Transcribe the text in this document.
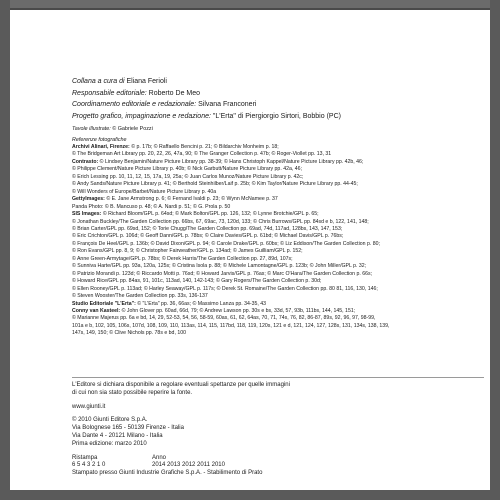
Collana a cura di Eliana Ferioli

Responsabile editoriale: Roberto De Meo

Coordinamento editoriale e redazionale: Silvana Franconeri

Progetto grafico, impaginazione e redazione: "L'Erta" di Piergiorgio Sirtori, Bobbio (PC)

Tavole illustrate: © Gabriele Pozzi

Referenze fotografiche

Archivi Alinari, Firenze: © p. 17b; © Raffaello Bencini p. 21; © Bildarchiv Monheim p. 18;

© The Bridgeman Art Library pp. 20, 22, 26, 47a, 90; © The Granger Collection p. 47b; © Roger-Viollet pp. 13, 31

Contrasto: © Lindsey Benjamin/Nature Picture Library pp. 38-39; © Hans Christoph Kappel/Nature Picture Library pp. 42b, 46;

© Philippe Clement/Nature Picture Library p. 40b; © Nick Garbutt/Nature Picture Library pp. 42a, 46;

© Erich Lessing pp. 10, 11, 12, 15, 17a, 19, 25a; © Juan Carlos Munoz/Nature Picture Library p. 42c;

© Andy Sands/Nature Picture Library p. 41; © Berthold Steinhilber/Laif p. 25b; © Kim Taylor/Nature Picture Library pp. 44-45;

© Will Wonders of Europe/Barbet/Nature Picture Library p. 40a

GettyImages: © E. Jane Armstrong p. 6; © Fernand Ivaldi p. 23; © Wynn McNamee p. 37

Panda Photo: © B. Mancuso p. 48; © A. Nardi p. 51; © G. Prola p. 50

SIS Images: © Richard Bloom/GPL p. 64sd; © Mark Bolton/GPL pp. 126, 132; © Lynne Brotchie/GPL p. 65;

© Jonathan Buckley/The Garden Collection pp. 66bs, 67, 69ac, 73, 120d, 133; © Chris Burrows/GPL pp. 84sd e b, 122, 141, 148;

© Brian Carter/GPL pp. 69sd, 152; © Torie Chugg/The Garden Collection pp. 69ad, 74d, 117ad, 128bs, 143, 147, 153;

© Eric Crichton/GPL p. 106d; © Geoff Dann/GPL p. 78bs; © Claire Davies/GPL p. 61bd; © Michael Davis/GPL p. 76bs;

© François De Heel/GPL p. 136b; © David Dixon/GPL p. 94; © Carole Drake/GPL p. 60bs; © Liz Eddison/The Garden Collection p. 80;

© Ron Evans/GPL pp. 8, 9; © Christopher Fairweather/GPL p. 134ad; © James Guilliam/GPL p. 152;

© Anne Green-Armytage/GPL p. 78bs; © Derek Harris/The Garden Collection pp. 27, 89d, 107s;

© Sunniva Harte/GPL pp. 93a, 120a, 125s; © Cristina Isola p. 88; © Michele Lamontagne/GPL p. 123b; © John Miller/GPL p. 32;

© Patrizio Morandi p. 123d; © Riccardo Motti p. 76sd; © Howard Jarvis/GPL p. 76as; © Marc O'Hara/The Garden Collection p. 66s;

© Howard Rice/GPL pp. 84as, 91, 101c, 113ad, 140, 142-143; © Gary Rogers/The Garden Collection p. 30d;

© Ellen Rooney/GPL p. 113ad; © Harley Seaway/GPL p. 117s; © Derek St. Romaine/The Garden Collection pp. 80 81, 116, 130, 146;

© Steven Wooster/The Garden Collection pp. 33s, 136-137

Studio Editoriale "L'Erta": © "L'Erta" pp. 36, 66as; © Massimo Lanza pp. 34-35, 43

Conny van Kasteel: © John Glover pp. 60ad, 66d, 79; © Andrew Lawson pp. 30s e bs, 33d, 57, 93b, 111bs, 144, 145, 151;

© Marianne Majerus pp. 6a e bd, 14, 29, 52-53, 54, 56, 58-59, 60as, 61, 62, 64as, 70, 71, 74s, 76, 82, 86-87, 89s, 92, 96, 97, 98-99,

101a e b, 102, 105, 106s, 107d, 108, 109, 110, 113as, 114, 115, 117bd, 118, 119, 120s, 121 e d, 121, 124, 127, 128s, 131, 134s, 138, 139,

147s, 149, 150; © Clive Nichols pp. 78s e bd, 100

L'Editore si dichiara disponibile a regolare eventuali spettanze per quelle immagini

di cui non sia stato possibile reperire la fonte.

www.giunti.it

© 2010 Giunti Editore S.p.A.

Via Bolognese 165 - 50139 Firenze - Italia

Via Dante 4 - 20121 Milano - Italia

Prima edizione: marzo 2010

Ristampa	Anno

6 5 4 3 2 1 0	2014 2013 2012 2011 2010

Stampato presso Giunti Industrie Grafiche S.p.A. - Stabilimento di Prato
